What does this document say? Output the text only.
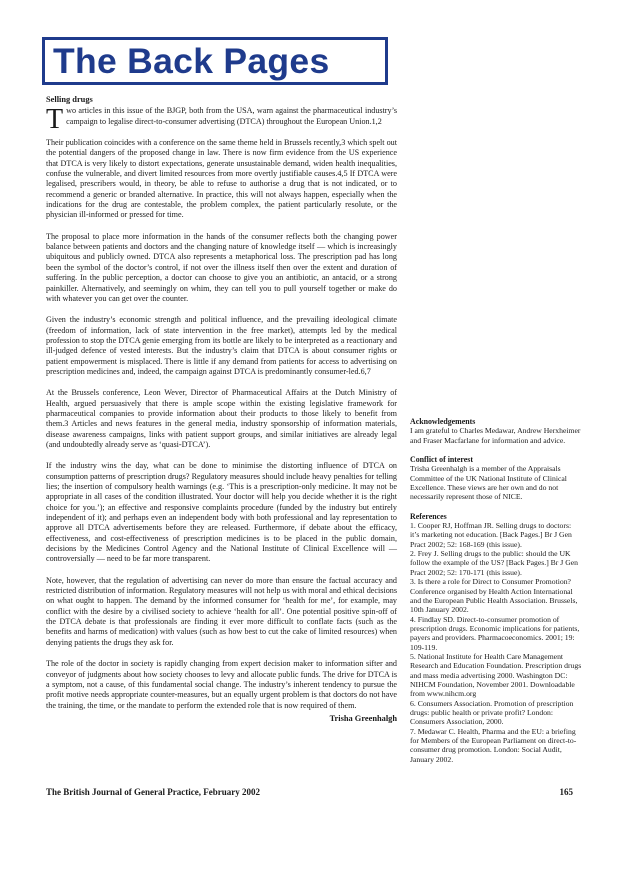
The Back Pages
Selling drugs

Two articles in this issue of the BJGP, both from the USA, warn against the pharmaceutical industry’s campaign to legalise direct-to-consumer advertising (DTCA) throughout the European Union.1,2

Their publication coincides with a conference on the same theme held in Brussels recently,3 which spelt out the potential dangers of the proposed change in law. There is now firm evidence from the US experience that DTCA is very likely to distort expectations, generate unsustainable demand, widen health inequalities, confuse the vulnerable, and divert limited resources from more overtly justifiable causes.4,5 If DTCA were legalised, prescribers would, in theory, be able to refuse to authorise a drug that is not indicated, or to recommend a generic or branded alternative. In practice, this will not always happen, especially when the indications for the drug are contestable, the problem complex, the patient particularly resolute, or the physician ill-informed or pressed for time.

The proposal to place more information in the hands of the consumer reflects both the changing power balance between patients and doctors and the changing nature of knowledge itself — which is increasingly ubiquitous and publicly owned. DTCA also represents a metaphorical loss. The prescription pad has long been the symbol of the doctor’s control, if not over the illness itself then over the extent and duration of suffering. In the public perception, a doctor can choose to give you an antibiotic, an antacid, or a strong painkiller. Alternatively, and seemingly on whim, they can tell you to pull yourself together or make do with whatever you can get over the counter.

Given the industry’s economic strength and political influence, and the prevailing ideological climate (freedom of information, lack of state intervention in the free market), attempts led by the medical profession to stop the DTCA genie emerging from its bottle are likely to be interpreted as a reactionary and ill-judged defence of vested interests. But the industry’s claim that DTCA is about consumer rights or patient empowerment is misplaced. There is little if any demand from patients for access to advertising on prescription medicines and, indeed, the campaign against DTCA is predominantly consumer-led.6,7

At the Brussels conference, Leon Wever, Director of Pharmaceutical Affairs at the Dutch Ministry of Health, argued persuasively that there is ample scope within the existing legislative framework for pharmaceutical companies to provide information about their products to those likely to benefit from them.3 Articles and news features in the general media, industry sponsorship of information materials, disease awareness campaigns, links with patient support groups, and similar initiatives are already legal (and undoubtedly already serve as ‘quasi-DTCA’).

If the industry wins the day, what can be done to minimise the distorting influence of DTCA on consumption patterns of prescription drugs? Regulatory measures should include heavy penalties for telling lies; the insertion of compulsory health warnings (e.g. ‘This is a prescription-only medicine. It may not be appropriate in all cases of the condition illustrated. Your doctor will help you decide whether it is the right choice for you.’); an effective and responsive complaints procedure (funded by the industry but entirely independent of it); and perhaps even an independent body with both professional and lay representation to approve all DTCA advertisements before they are released. Furthermore, if debate about the efficacy, effectiveness, and cost-effectiveness of prescription medicines is to be placed in the public domain, decisions by the Medicines Control Agency and the National Institute of Clinical Excellence will — controversially — need to be far more transparent.

Note, however, that the regulation of advertising can never do more than ensure the factual accuracy and restricted distribution of information. Regulatory measures will not help us with moral and ethical decisions on what ought to happen. The demand by the informed consumer for ‘health for me’, for example, may conflict with the desire by a civilised society to achieve ‘health for all’. One potential positive spin-off of the DTCA debate is that professionals are finding it ever more difficult to conflate facts (such as the benefits and harms of medication) with values (such as how best to cut the cake of limited resources) when denying patients the drugs they ask for.

The role of the doctor in society is rapidly changing from expert decision maker to information sifter and conveyor of judgments about how society chooses to levy and allocate public funds. The drive for DTCA is a symptom, not a cause, of this fundamental social change. The industry’s inherent tendency to pursue the profit motive needs appropriate counter-measures, but an equally urgent problem is that doctors do not have the training, the time, or the mandate to perform the extended role that is now required of them.

Trisha Greenhalgh
Acknowledgements
I am grateful to Charles Medawar, Andrew Herxheimer and Fraser Macfarlane for information and advice.
Conflict of interest
Trisha Greenhalgh is a member of the Appraisals Committee of the UK National Institute of Clinical Excellence. These views are her own and do not necessarily represent those of NICE.
References
1. Cooper RJ, Hoffman JR. Selling drugs to doctors: it’s marketing not education. [Back Pages.] Br J Gen Pract 2002; 52: 168-169 (this issue).
2. Frey J. Selling drugs to the public: should the UK follow the example of the US? [Back Pages.] Br J Gen Pract 2002; 52: 170-171 (this issue).
3. Is there a role for Direct to Consumer Promotion? Conference organised by Health Action International and the European Public Health Association. Brussels, 10th January 2002.
4. Findlay SD. Direct-to-consumer promotion of prescription drugs. Economic implications for patients, payers and providers. Pharmacoeconomics. 2001; 19: 109-119.
5. National Institute for Health Care Management Research and Education Foundation. Prescription drugs and mass media advertising 2000. Washington DC: NIHCM Foundation, November 2001. Downloadable from www.nihcm.org
6. Consumers Association. Promotion of prescription drugs: public health or private profit? London: Consumers Association, 2000.
7. Medawar C. Health, Pharma and the EU: a briefing for Members of the European Parliament on direct-to-consumer drug promotion. London: Social Audit, January 2002.
The British Journal of General Practice, February 2002	165
